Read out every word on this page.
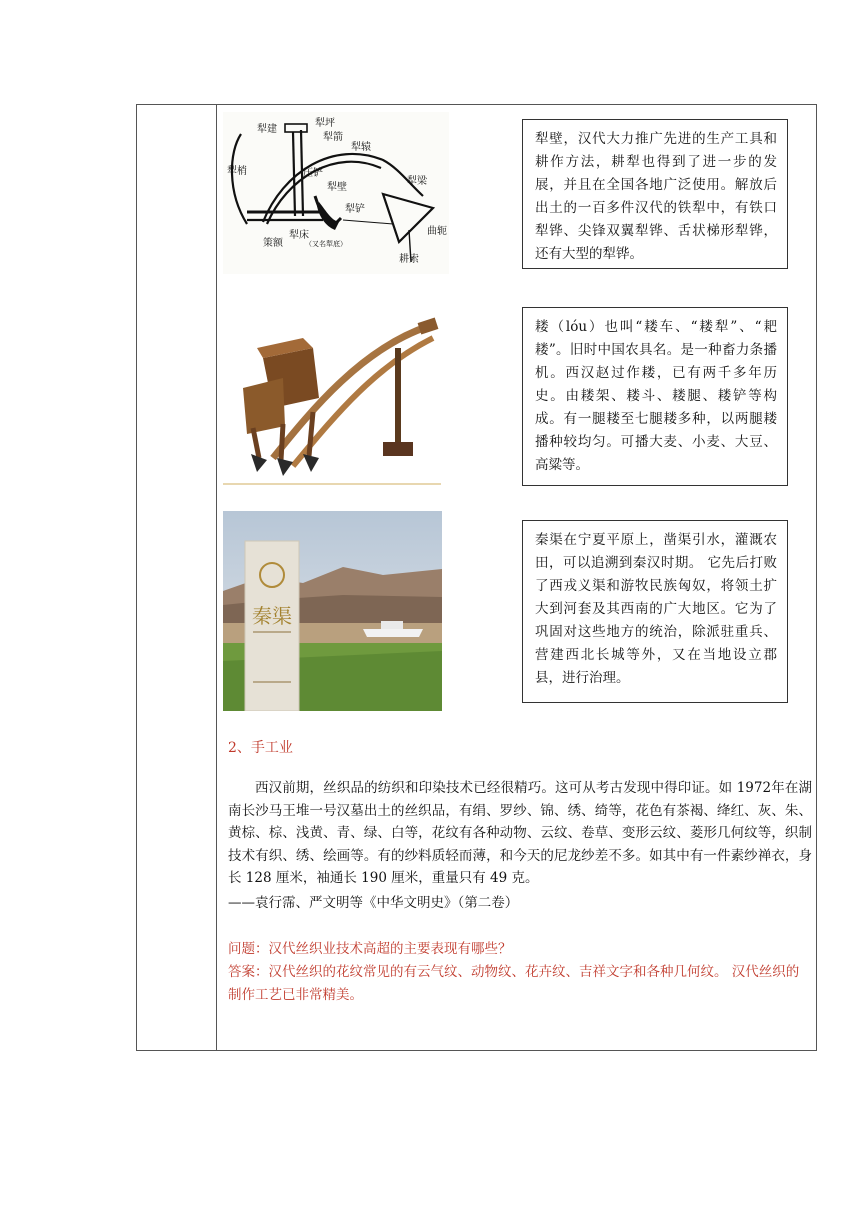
犁建
犁坪
犁箭
犁辕
犁梢	压铲
犁壁
犁铲
犁梁
曲轭
犁床
（又名犁底）
策额
耕索
秦渠
犁壁，汉代大力推广先进的生产工具和耕作方法，耕犁也得到了进一步的发展，并且在全国各地广泛使用。解放后出土的一百多件汉代的铁犁中，有铁口犁铧、尖锋双翼犁铧、舌状梯形犁铧，还有大型的犁铧。
耧（lóu）也叫“耧车、“耧犁”、“耙耧”。旧时中国农具名。是一种畜力条播机。西汉赵过作耧，已有两千多年历史。由耧架、耧斗、耧腿、耧铲等构成。有一腿耧至七腿耧多种，以两腿耧播种较均匀。可播大麦、小麦、大豆、高粱等。
秦渠在宁夏平原上，凿渠引水，灌溉农田，可以追溯到秦汉时期。 它先后打败了西戎义渠和游牧民族匈奴，将领土扩大到河套及其西南的广大地区。它为了巩固对这些地方的统治，除派驻重兵、营建西北长城等外，又在当地设立郡县，进行治理。
2、手工业
西汉前期，丝织品的纺织和印染技术已经很精巧。这可从考古发现中得印证。如 1972年在湖南长沙马王堆一号汉墓出土的丝织品，有绢、罗纱、锦、绣、绮等，花色有茶褐、绛红、灰、朱、黄棕、棕、浅黄、青、绿、白等，花纹有各种动物、云纹、卷草、变形云纹、菱形几何纹等，织制技术有织、绣、绘画等。有的纱料质轻而薄，和今天的尼龙纱差不多。如其中有一件素纱禅衣，身长 128 厘米，袖通长 190 厘米，重量只有 49 克。
——袁行霈、严文明等《中华文明史》（第二卷）
问题：汉代丝织业技术高超的主要表现有哪些？
答案：汉代丝织的花纹常见的有云气纹、动物纹、花卉纹、吉祥文字和各种几何纹。 汉代丝织的制作工艺已非常精美。
